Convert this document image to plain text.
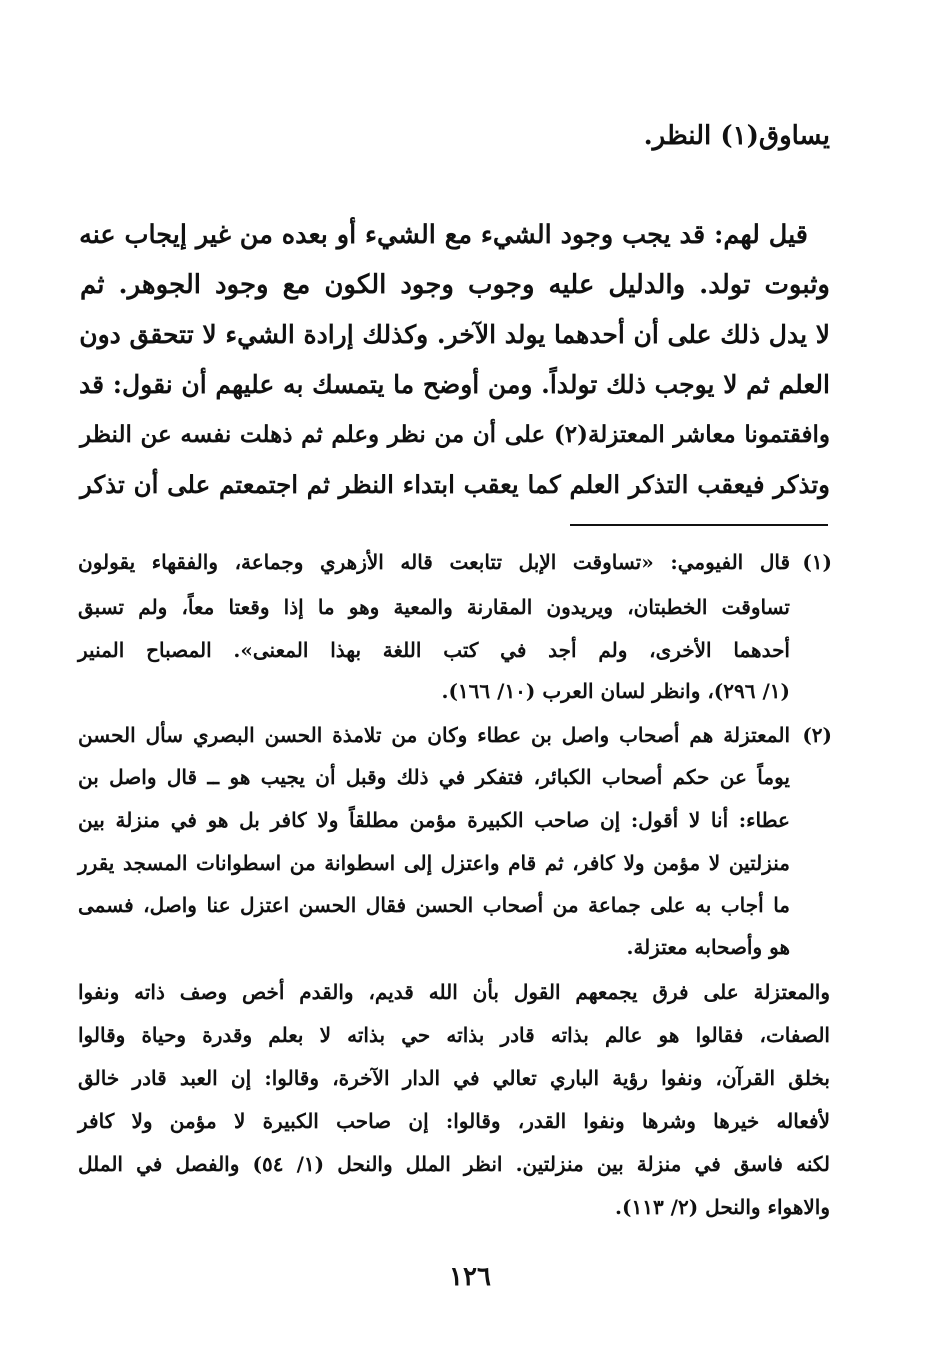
يساوق(١) النظر.
قيل لهم: قد يجب وجود الشيء مع الشيء أو بعده من غير إيجاب عنه
وثبوت تولد. والدليل عليه وجوب وجود الكون مع وجود الجوهر. ثم
لا يدل ذلك على أن أحدهما يولد الآخر. وكذلك إرادة الشيء لا تتحقق دون
العلم ثم لا يوجب ذلك تولداً. ومن أوضح ما يتمسك به عليهم أن نقول: قد
وافقتمونا معاشر المعتزلة(٢) على أن من نظر وعلم ثم ذهلت نفسه عن النظر
وتذكر فيعقب التذكر العلم كما يعقب ابتداء النظر ثم اجتمعتم على أن تذكر
(١)
قال الفيومي: «تساوقت الإبل تتابعت قاله الأزهري وجماعة، والفقهاء يقولون
تساوقت الخطبتان، ويريدون المقارنة والمعية وهو ما إذا وقعتا معاً، ولم تسبق
أحدهما الأخرى، ولم أجد في كتب اللغة بهذا المعنى». المصباح المنير
(١/ ٢٩٦)، وانظر لسان العرب (١٠/ ١٦٦).
(٢)
المعتزلة هم أصحاب واصل بن عطاء وكان من تلامذة الحسن البصري سأل الحسن
يوماً عن حكم أصحاب الكبائر، فتفكر في ذلك وقبل أن يجيب هو ــ قال واصل بن
عطاء: أنا لا أقول: إن صاحب الكبيرة مؤمن مطلقاً ولا كافر بل هو في منزلة بين
منزلتين لا مؤمن ولا كافر، ثم قام واعتزل إلى اسطوانة من اسطوانات المسجد يقرر
ما أجاب به على جماعة من أصحاب الحسن فقال الحسن اعتزل عنا واصل، فسمى
هو وأصحابه معتزلة.
والمعتزلة على فرق يجمعهم القول بأن الله قديم، والقدم أخص وصف ذاته ونفوا
الصفات، فقالوا هو عالم بذاته قادر بذاته حي بذاته لا بعلم وقدرة وحياة وقالوا
بخلق القرآن، ونفوا رؤية الباري تعالي في الدار الآخرة، وقالوا: إن العبد قادر خالق
لأفعاله خيرها وشرها ونفوا القدر، وقالوا: إن صاحب الكبيرة لا مؤمن ولا كافر
لكنه فاسق في منزلة بين منزلتين. انظر الملل والنحل (١/ ٥٤) والفصل في الملل
والاهواء والنحل (٢/ ١١٣).
١٢٦
